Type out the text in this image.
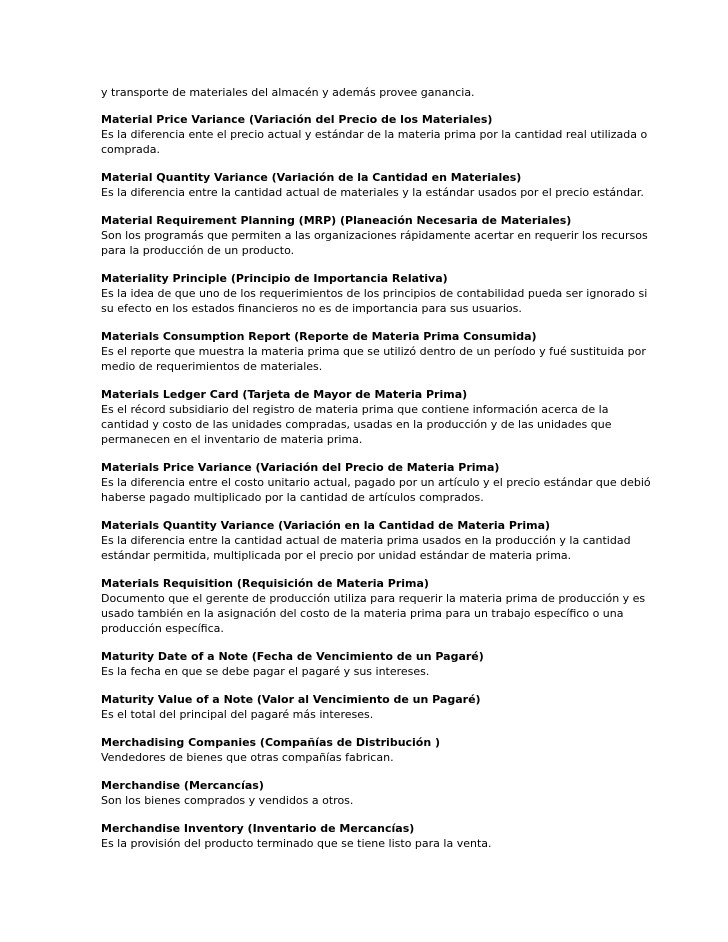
y transporte de materiales del almacén y además provee ganancia.

Material Price Variance (Variación del Precio de los Materiales)

Es la diferencia ente el precio actual y estándar de la materia prima por la cantidad real utilizada o
comprada.

Material Quantity Variance (Variación de la Cantidad en Materiales)

Es la diferencia entre la cantidad actual de materiales y la estándar usados por el precio estándar.

Material Requirement Planning (MRP) (Planeación Necesaria de Materiales)

Son los programás que permiten a las organizaciones rápidamente acertar en requerir los recursos
para la producción de un producto.

Materiality Principle (Principio de Importancia Relativa)

Es la idea de que uno de los requerimientos de los principios de contabilidad pueda ser ignorado si
su efecto en los estados financieros no es de importancia para sus usuarios.

Materials Consumption Report (Reporte de Materia Prima Consumida)

Es el reporte que muestra la materia prima que se utilizó dentro de un período y fué sustituida por
medio de requerimientos de materiales.

Materials Ledger Card (Tarjeta de Mayor de Materia Prima)

Es el récord subsidiario del registro de materia prima que contiene información acerca de la
cantidad y costo de las unidades compradas, usadas en la producción y de las unidades que
permanecen en el inventario de materia prima.

Materials Price Variance (Variación del Precio de Materia Prima)

Es la diferencia entre el costo unitario actual, pagado por un artículo y el precio estándar que debió
haberse pagado multiplicado por la cantidad de artículos comprados.

Materials Quantity Variance (Variación en la Cantidad de Materia Prima)

Es la diferencia entre la cantidad actual de materia prima usados en la producción y la cantidad
estándar permitida, multiplicada por el precio por unidad estándar de materia prima.

Materials Requisition (Requisición de Materia Prima)

Documento que el gerente de producción utiliza para requerir la materia prima de producción y es
usado también en la asignación del costo de la materia prima para un trabajo específico o una
producción específica.

Maturity Date of a Note (Fecha de Vencimiento de un Pagaré)

Es la fecha en que se debe pagar el pagaré y sus intereses.

Maturity Value of a Note (Valor al Vencimiento de un Pagaré)

Es el total del principal del pagaré más intereses.

Merchadising Companies (Compañías de Distribución )

Vendedores de bienes que otras compañías fabrican.

Merchandise (Mercancías)

Son los bienes comprados y vendidos a otros.

Merchandise Inventory (Inventario de Mercancías)

Es la provisión del producto terminado que se tiene listo para la venta.
